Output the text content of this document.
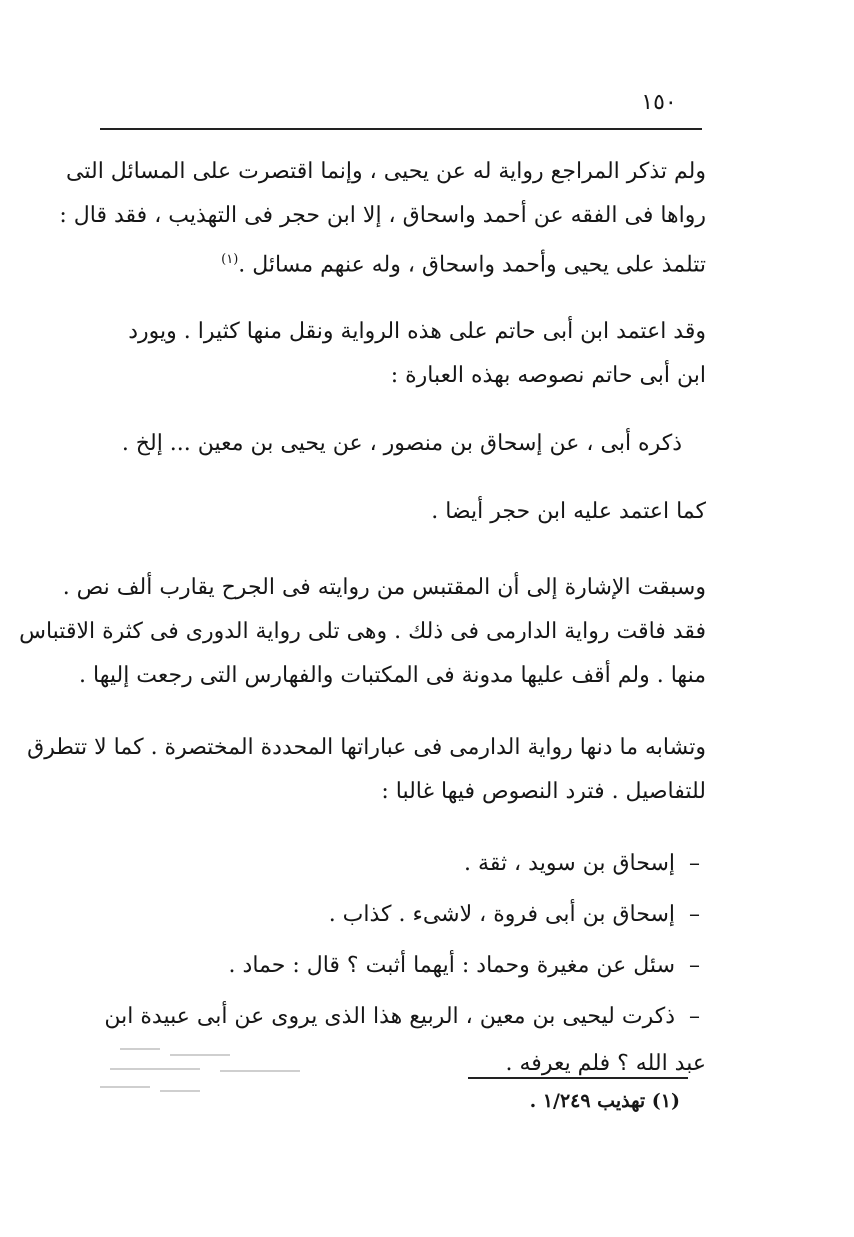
١٥٠
ولم تذكر المراجع رواية له عن يحيى ، وإنما اقتصرت على المسائل التى
رواها فى الفقه عن أحمد واسحاق ، إلا ابن حجر فى التهذيب ، فقد قال :
تتلمذ على يحيى وأحمد واسحاق ، وله عنهم مسائل .$^{(١)}$
وقد اعتمد ابن أبى حاتم على هذه الرواية ونقل منها كثيرا . ويورد
ابن أبى حاتم نصوصه بهذه العبارة :
ذكره أبى ، عن إسحاق بن منصور ، عن يحيى بن معين ... إلخ .
كما اعتمد عليه ابن حجر أيضا .
وسبقت الإشارة إلى أن المقتبس من روايته فى الجرح يقارب ألف نص .
فقد فاقت رواية الدارمى فى ذلك . وهى تلى رواية الدورى فى كثرة الاقتباس
منها . ولم أقف عليها مدونة فى المكتبات والفهارس التى رجعت إليها .
وتشابه ما دنها رواية الدارمى فى عباراتها المحددة المختصرة . كما لا تتطرق
للتفاصيل . فترد النصوص فيها غالبا :
–إسحاق بن سويد ، ثقة .
–إسحاق بن أبى فروة ، لاشىء . كذاب .
–سئل عن مغيرة وحماد : أيهما أثبت ؟ قال : حماد .
–ذكرت ليحيى بن معين ، الربيع هذا الذى يروى عن أبى عبيدة ابن
عبد الله ؟ فلم يعرفه .
(١) تهذيب ١/٢٤٩ .
